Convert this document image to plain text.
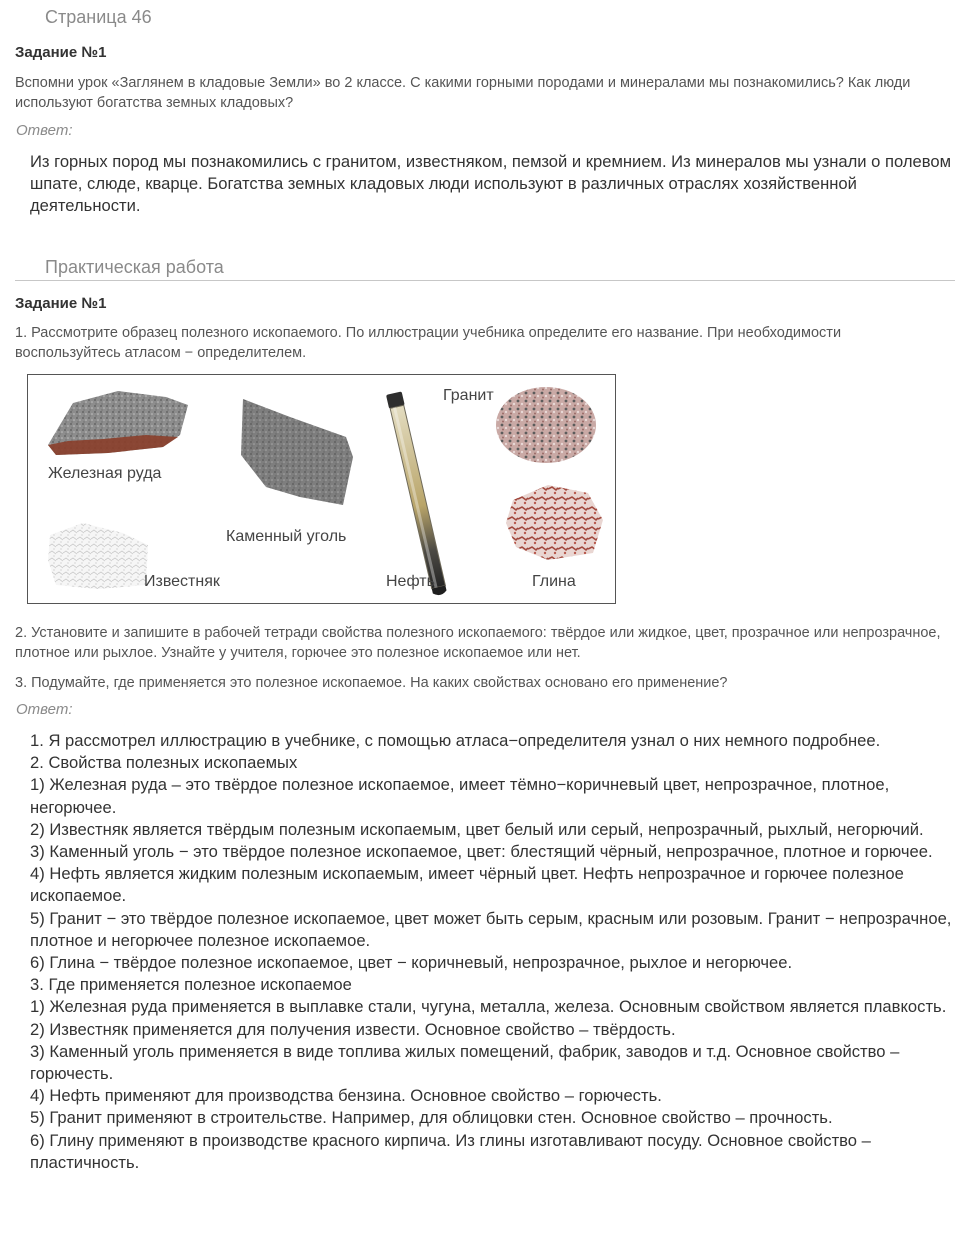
Страница 46
Задание №1
Вспомни урок «Заглянем в кладовые Земли» во 2 классе. С какими горными породами и минералами мы познакомились? Как люди используют богатства земных кладовых?
Ответ:
Из горных пород мы познакомились с гранитом, известняком, пемзой и кремнием. Из минералов мы узнали о полевом шпате, слюде, кварце. Богатства земных кладовых люди используют в различных отраслях хозяйственной деятельности.
Практическая работа
Задание №1
1. Рассмотрите образец полезного ископаемого. По иллюстрации учебника определите его название. При необходимости воспользуйтесь атласом − определителем.
Железная руда
Каменный уголь
Известняк	Нефть
Гранит
Глина
2. Установите и запишите в рабочей тетради свойства полезного ископаемого: твёрдое или жидкое, цвет, прозрачное или непрозрачное, плотное или рыхлое. Узнайте у учителя, горючее это полезное ископаемое или нет.
3. Подумайте, где применяется это полезное ископаемое. На каких свойствах основано его применение?
Ответ:

1. Я рассмотрел иллюстрацию в учебнике, с помощью атласа−определителя узнал о них немного подробнее.

2. Свойства полезных ископаемых

1) Железная руда – это твёрдое полезное ископаемое, имеет тёмно−коричневый цвет, непрозрачное, плотное, негорючее.

2) Известняк является твёрдым полезным ископаемым, цвет белый или серый, непрозрачный, рыхлый, негорючий.

3) Каменный уголь − это твёрдое полезное ископаемое, цвет: блестящий чёрный, непрозрачное, плотное и горючее.

4) Нефть является жидким полезным ископаемым, имеет чёрный цвет. Нефть непрозрачное и горючее полезное ископаемое.

5) Гранит − это твёрдое полезное ископаемое, цвет может быть серым, красным или розовым. Гранит − непрозрачное, плотное и негорючее полезное ископаемое.

6) Глина − твёрдое полезное ископаемое, цвет − коричневый, непрозрачное, рыхлое и негорючее.

3. Где применяется полезное ископаемое

1) Железная руда применяется в выплавке стали, чугуна, металла, железа. Основным свойством является плавкость.

2) Известняк применяется для получения извести. Основное свойство – твёрдость.

3) Каменный уголь применяется в виде топлива жилых помещений, фабрик, заводов и т.д. Основное свойство – горючесть.

4) Нефть применяют для производства бензина. Основное свойство – горючесть.

5) Гранит применяют в строительстве. Например, для облицовки стен. Основное свойство – прочность.

6) Глину применяют в производстве красного кирпича. Из глины изготавливают посуду. Основное свойство – пластичность.
